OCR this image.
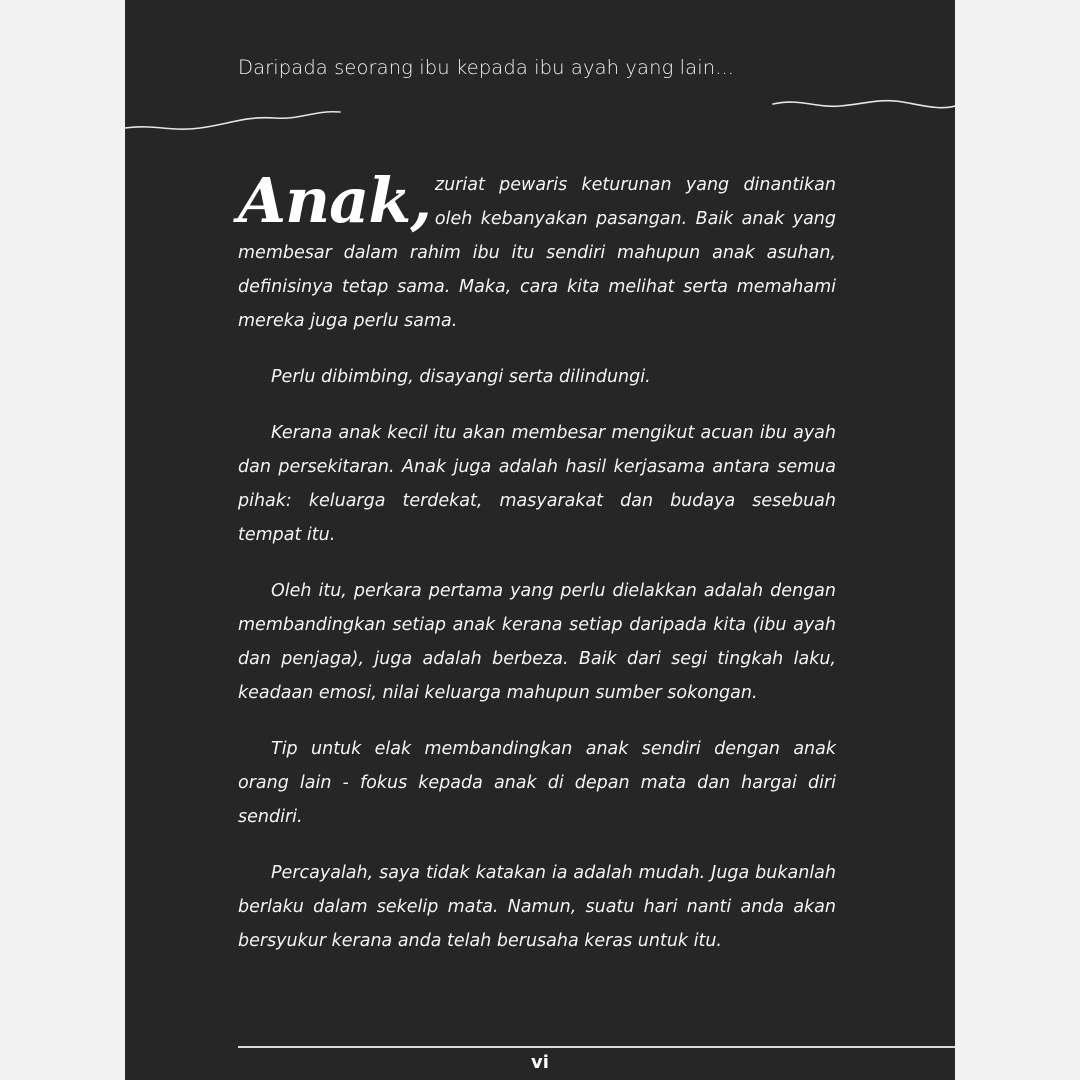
Daripada seorang ibu kepada ibu ayah yang lain...

Anak, zuriat pewaris keturunan yang dinantikan oleh kebanyakan pasangan. Baik anak yang membesar dalam rahim ibu itu sendiri mahupun anak asuhan, definisinya tetap sama. Maka, cara kita melihat serta memahami mereka juga perlu sama.

Perlu dibimbing, disayangi serta dilindungi.

Kerana anak kecil itu akan membesar mengikut acuan ibu ayah dan persekitaran. Anak juga adalah hasil kerjasama antara semua pihak: keluarga terdekat, masyarakat dan budaya sesebuah tempat itu.

Oleh itu, perkara pertama yang perlu dielakkan adalah dengan membandingkan setiap anak kerana setiap daripada kita (ibu ayah dan penjaga), juga adalah berbeza. Baik dari segi tingkah laku, keadaan emosi, nilai keluarga mahupun sumber sokongan.

Tip untuk elak membandingkan anak sendiri dengan anak orang lain - fokus kepada anak di depan mata dan hargai diri sendiri.

Percayalah, saya tidak katakan ia adalah mudah. Juga bukanlah berlaku dalam sekelip mata. Namun, suatu hari nanti anda akan bersyukur kerana anda telah berusaha keras untuk itu.

vi
